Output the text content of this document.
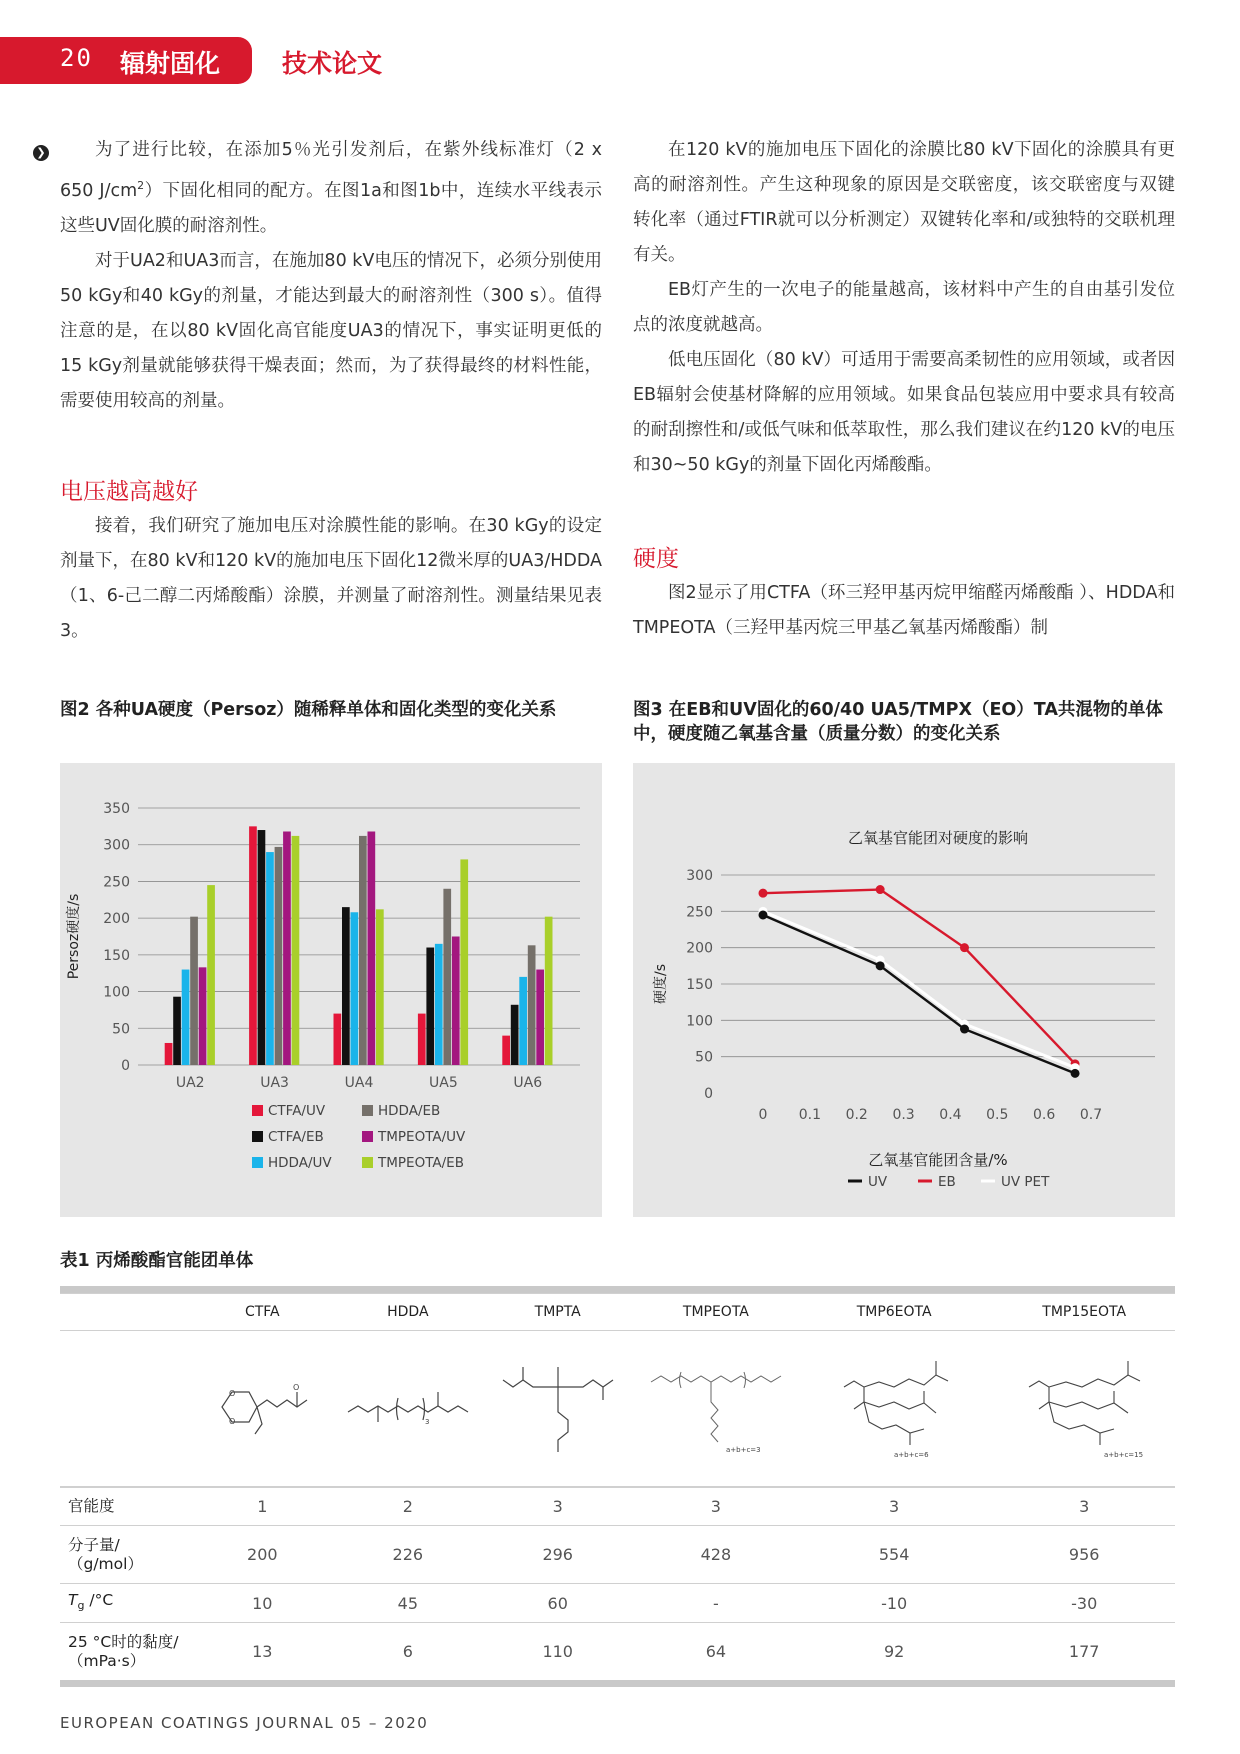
20 辐射固化 技术论文
❯	为了进行比较，在添加5％光引发剂后，在紫外线标准灯（2 x 650 $J/cm^2$）下固化相同的配方。在图1a和图1b中，连续水平线表示这些UV固化膜的耐溶剂性。

对于UA2和UA3而言，在施加80 kV电压的情况下，必须分别使用50 kGy和40 kGy的剂量，才能达到最大的耐溶剂性（300 s）。值得注意的是，在以80 kV固化高官能度UA3的情况下，事实证明更低的15 kGy剂量就能够获得干燥表面；然而，为了获得最终的材料性能，需要使用较高的剂量。

电压越高越好

接着，我们研究了施加电压对涂膜性能的影响。在30 kGy的设定剂量下，在80 kV和120 kV的施加电压下固化12微米厚的UA3/HDDA（1、6-己二醇二丙烯酸酯）涂膜，并测量了耐溶剂性。测量结果见表3。

在120 kV的施加电压下固化的涂膜比80 kV下固化的涂膜具有更高的耐溶剂性。产生这种现象的原因是交联密度，该交联密度与双键转化率（通过FTIR就可以分析测定）双键转化率和/或独特的交联机理有关。

EB灯产生的一次电子的能量越高，该材料中产生的自由基引发位点的浓度就越高。

低电压固化（80 kV）可适用于需要高柔韧性的应用领域，或者因EB辐射会使基材降解的应用领域。如果食品包装应用中要求具有较高的耐刮擦性和/或低气味和低萃取性，那么我们建议在约120 kV的电压和30~50 kGy的剂量下固化丙烯酸酯。

硬度

图2显示了用CTFA（环三羟甲基丙烷甲缩醛丙烯酸酯 ）、HDDA和TMPEOTA（三羟甲基丙烷三甲基乙氧基丙烯酸酯）制

图2 各种UA硬度（Persoz）随稀释单体和固化类型的变化关系
0
50
100
150
200
250
300
350
Persoz硬度/s
UA2	UA3	UA4	UA5	UA6
CTFA/UV
CTFA/EB
HDDA/UV
HDDA/EB
TMPEOTA/UV
TMPEOTA/EB
图3 在EB和UV固化的60/40 UA5/TMPX（EO）TA共混物的单体中，硬度随乙氧基含量（质量分数）的变化关系
乙氧基官能团对硬度的影响
0
50
100
150
200
250
300
0 0.1 0.2 0.3 0.4 0.5 0.6 0.7
硬度/s
乙氧基官能团含量/%
UV	EB	UV PET
表1 丙烯酸酯官能团单体

	CTFA	HDDA	TMPTA	TMPEOTA	TMP6EOTA	TMP15EOTA

O
O
O	3		a+b+c=3	a+b+c=6	a+b+c=15

官能度	1	2	3	3	3	3
分子量/（g/mol）	200	226	296	428	554	956
$T_g$ /°C	10	45	60	-	-10	-30
25 °C时的黏度/（mPa·s）	13	6	110	64	92	177
EUROPEAN COATINGS JOURNAL 05 – 2020
